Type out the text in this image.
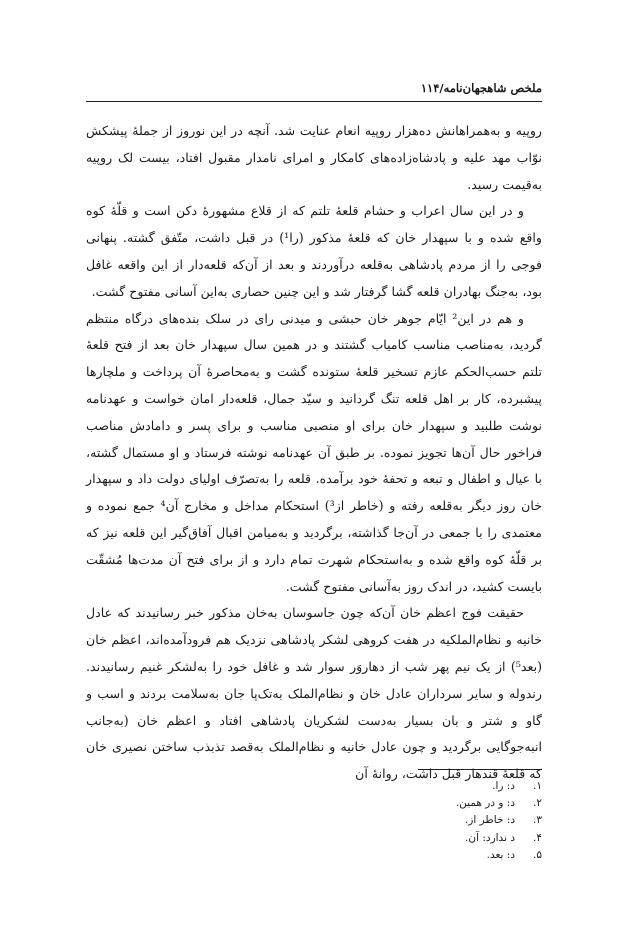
ملخص شاهجهان‌نامه/۱۱۴

روپیه و به‌همراهانش ده‌هزار روپیه انعام عنایت شد. آنچه در این نوروز از جملهٔ پیشکش نوّاب مهد علیه و پادشاه‌زاده‌های کامکار و امرای نامدار مقبول افتاد، بیست لک روپیه به‌قیمت رسید.

و در این سال اعراب و حشام قلعهٔ تلتم که از قلاع مشهورهٔ دکن است و قلّهٔ کوه واقع شده و با سپهدار خان که قلعهٔ مذکور (را¹) در قبل داشت، متّفق گشته. پنهانی فوجی را از مردم پادشاهی به‌قلعه درآوردند و بعد از آن‌که قلعه‌دار از این واقعه غافل بود، به‌جنگ بهادران قلعه گشا گرفتار شد و این چنین حصاری به‌این آسانی مفتوح گشت.

و هم در این² ایّام جوهر خان حبشی و میدنی رای در سلک بنده‌های درگاه منتظم گردید، به‌مناصب مناسب کامیاب گشتند و در همین سال سپهدار خان بعد از فتح قلعهٔ تلتم حسب‌الحکم عازم تسخیر قلعهٔ ستونده گشت و به‌محاصرهٔ آن پرداخت و ملچارها پیشبرده، کار بر اهل قلعه تنگ گردانید و سیّد جمال، قلعه‌دار امان خواست و عهدنامه نوشت طلبید و سپهدار خان برای او منصبی مناسب و برای پسر و دامادش مناصب فراخور حال آن‌ها تجویز نموده. بر طبق آن عهدنامه نوشته فرستاد و او مستمال گشته، با عیال و اطفال و تبعه و تحفهٔ خود برآمده. قلعه را به‌تصرّف اولیای دولت داد و سپهدار خان روز دیگر به‌قلعه رفته و (خاطر از³) استحکام مداخل و مخارج آن⁴ جمع نموده و معتمدی را با جمعی در آن‌جا گذاشته، برگردید و به‌میامن اقبال آفاق‌گیر این قلعه نیز که بر قلّهٔ کوه واقع شده و به‌استحکام شهرت تمام دارد و از برای فتح آن مدت‌ها مُشقّت بایست کشید، در اندک روز به‌آسانی مفتوح گشت.

حقیقت فوج اعظم خان آن‌که چون جاسوسان به‌خان مذکور خبر رسانیدند که عادل خانیه و نظام‌الملکیه در هفت کروهی لشکر پادشاهی نزدیک هم فرودآمده‌اند، اعظم خان (بعد⁵) از یک نیم پهر شب از دهاروَر سوار شد و غافل خود را به‌لشکر غنیم رسانیدند. رندوله و سایر سرداران عادل خان و نظام‌الملک به‌تک‌پا جان به‌سلامت بردند و اسب و گاو و شتر و بان بسیار به‌دست لشکریان پادشاهی افتاد و اعظم خان (به‌جانب انبه‌جوگایی برگردید و چون عادل خانیه و نظام‌الملک به‌قصد تذبذب ساختن نصیری خان که قلعهٔ قندهار قبل داشت، روانهٔ آن

۱.
د: را.
۲.
د: و در همین.
۳.
د: خاطر از.
۴.
د ندارد: آن.
۵.
د: بعد.
